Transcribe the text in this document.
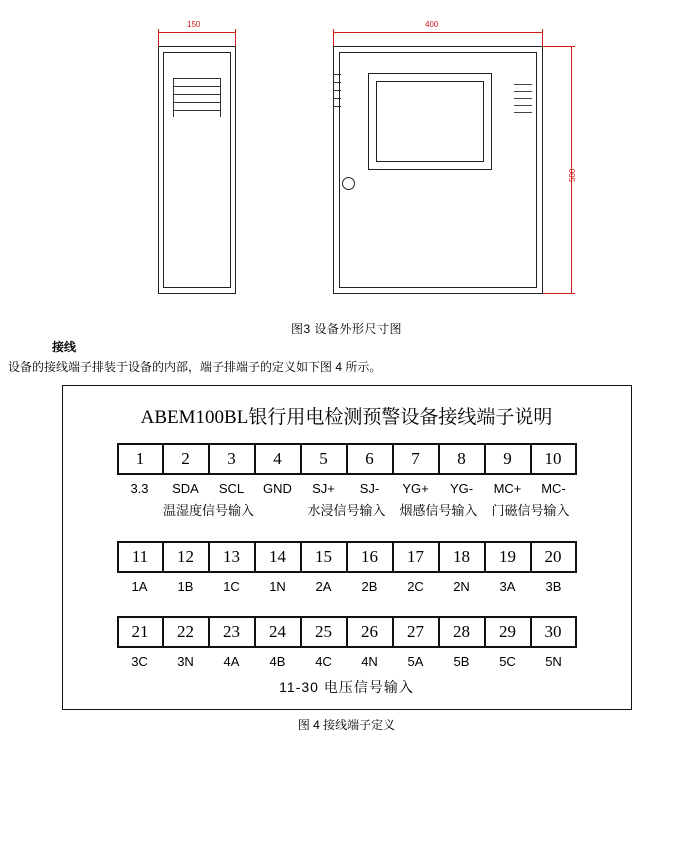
150	400
500
图3 设备外形尺寸图
接线
设备的接线端子排装于设备的内部，端子排端子的定义如下图 4 所示。
ABEM100BL银行用电检测预警设备接线端子说明
1	2	3	4	5	6	7	8	9	10
3.3	SDA	SCL	GND	SJ+	SJ-	YG+	YG-	MC+	MC-
温湿度信号输入	水浸信号输入	烟感信号输入	门磁信号输入
11	12	13	14	15	16	17	18	19	20
1A	1B	1C	1N	2A	2B	2C	2N	3A	3B
21	22	23	24	25	26	27	28	29	30
3C	3N	4A	4B	4C	4N	5A	5B	5C	5N
11-30 电压信号输入
图 4 接线端子定义
